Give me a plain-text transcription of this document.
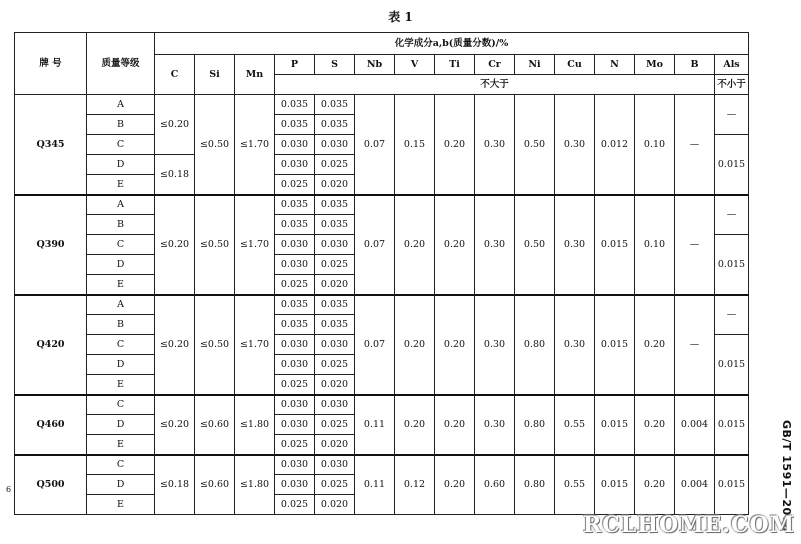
表 1
牌 号	质量等级	化学成分a,b(质量分数)/%														
		C	Si	Mn	P	S	Nb	V	Ti	Cr	Ni	Cu	N	Mo	B	Als
					不大于											不小于
Q345	A	≤0.20	≤0.50	≤1.70	0.035	0.035	0.07	0.15	0.20	0.30	0.50	0.30	0.012	0.10	—	—
	B				0.035	0.035										
	C				0.030	0.030										0.015
	D	≤0.18			0.030	0.025										
	E				0.025	0.020										
Q390	A	≤0.20	≤0.50	≤1.70	0.035	0.035	0.07	0.20	0.20	0.30	0.50	0.30	0.015	0.10	—	—
	B				0.035	0.035										
	C				0.030	0.030										0.015
	D				0.030	0.025										
	E				0.025	0.020										
Q420	A	≤0.20	≤0.50	≤1.70	0.035	0.035	0.07	0.20	0.20	0.30	0.80	0.30	0.015	0.20	—	—
	B				0.035	0.035										
	C				0.030	0.030										0.015
	D				0.030	0.025										
	E				0.025	0.020										
Q460	C	≤0.20	≤0.60	≤1.80	0.030	0.030	0.11	0.20	0.20	0.30	0.80	0.55	0.015	0.20	0.004	0.015
	D				0.030	0.025										
	E				0.025	0.020										
Q500	C	≤0.18	≤0.60	≤1.80	0.030	0.030	0.11	0.12	0.20	0.60	0.80	0.55	0.015	0.20	0.004	0.015
	D				0.030	0.025										
	E				0.025	0.020											GB/T 1591—2008
6
RCLHOME.COM
